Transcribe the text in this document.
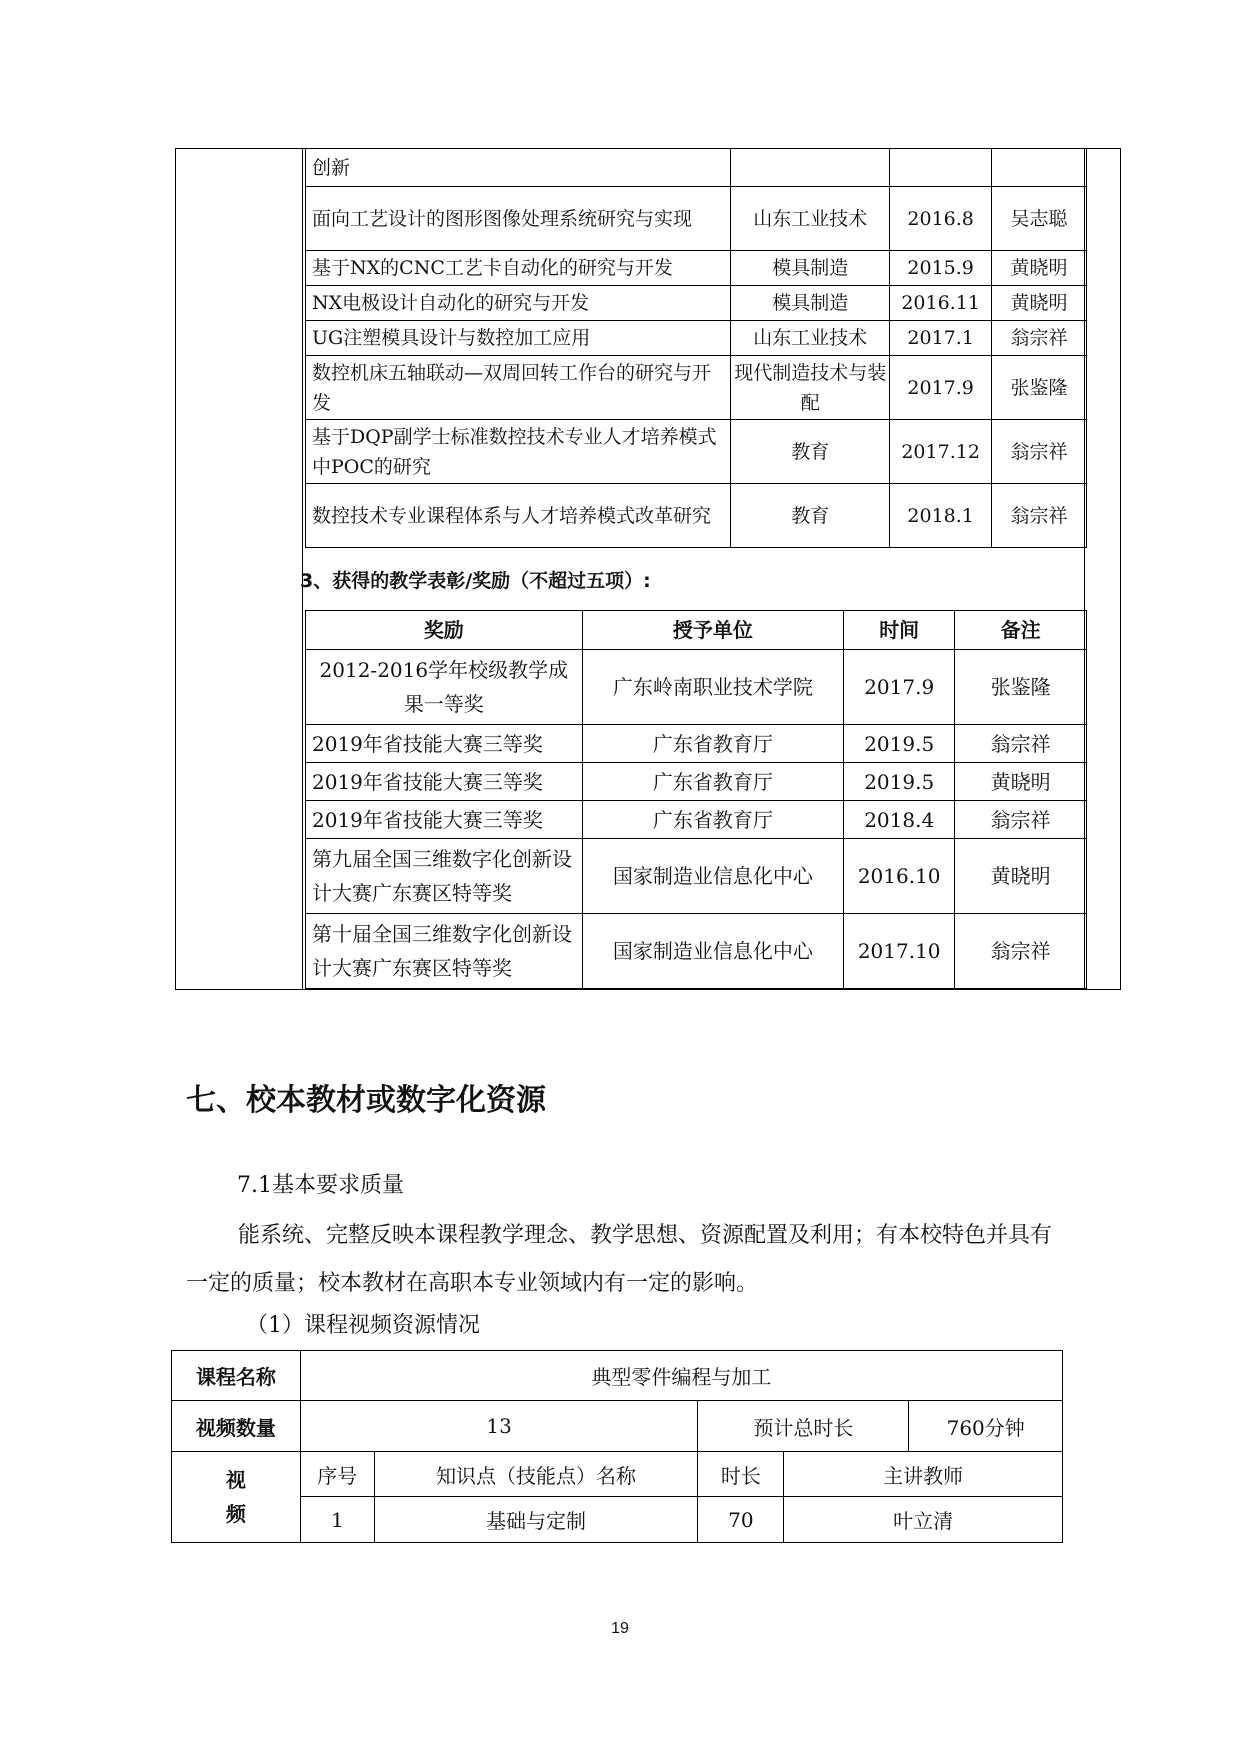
创新			
面向工艺设计的图形图像处理系统研究与实现	山东工业技术	2016.8	吴志聪
基于NX的CNC工艺卡自动化的研究与开发	模具制造	2015.9	黄晓明
NX电极设计自动化的研究与开发	模具制造	2016.11	黄晓明
UG注塑模具设计与数控加工应用	山东工业技术	2017.1	翁宗祥
数控机床五轴联动—双周回转工作台的研究与开发	现代制造技术与装配	2017.9	张鉴隆
基于DQP副学士标准数控技术专业人才培养模式中POC的研究	教育	2017.12	翁宗祥
数控技术专业课程体系与人才培养模式改革研究	教育	2018.1	翁宗祥
3、获得的教学表彰/奖励（不超过五项）:
奖励	授予单位	时间	备注
2012-2016学年校级教学成果一等奖	广东岭南职业技术学院	2017.9	张鉴隆
2019年省技能大赛三等奖	广东省教育厅	2019.5	翁宗祥
2019年省技能大赛三等奖	广东省教育厅	2019.5	黄晓明
2019年省技能大赛三等奖	广东省教育厅	2018.4	翁宗祥
第九届全国三维数字化创新设计大赛广东赛区特等奖	国家制造业信息化中心	2016.10	黄晓明
第十届全国三维数字化创新设计大赛广东赛区特等奖	国家制造业信息化中心	2017.10	翁宗祥
七、校本教材或数字化资源
7.1基本要求质量
能系统、完整反映本课程教学理念、教学思想、资源配置及利用；有本校特色并具有一定的质量；校本教材在高职本专业领域内有一定的影响。
（1）课程视频资源情况
课程名称	典型零件编程与加工
视频数量	13		预计总时长	760分钟

视
频
	序号	知识点（技能点）名称	时长	主讲教师
1	基础与定制	70	叶立清
19
